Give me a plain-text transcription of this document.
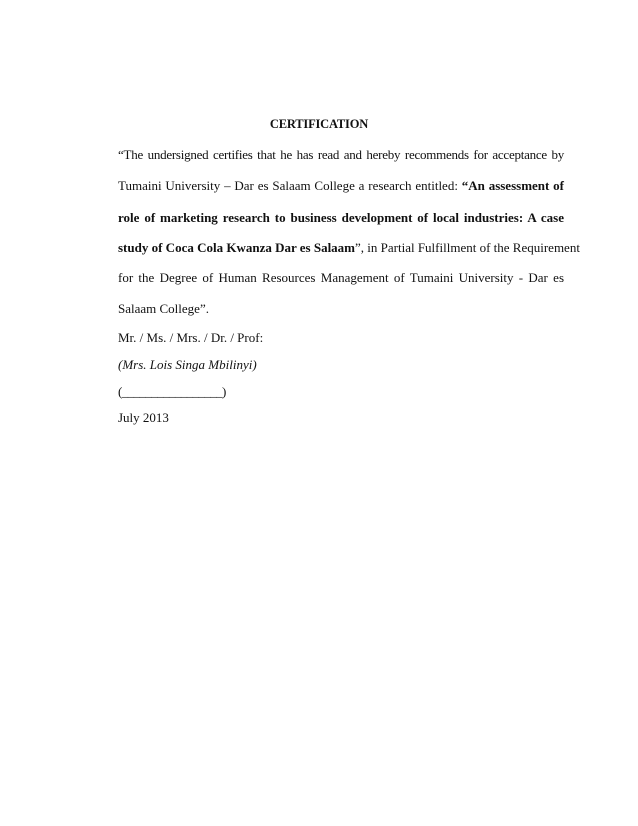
CERTIFICATION
“The undersigned certifies that he has read and hereby recommends for acceptance by
Tumaini University – Dar es Salaam College a research entitled: “An assessment of
role of marketing research to business development of local industries: A case
study of Coca Cola Kwanza Dar es Salaam”, in Partial Fulfillment of the Requirement
for the Degree of Human Resources Management of Tumaini University - Dar es
Salaam College”.
Mr. / Ms. / Mrs. / Dr. / Prof:
(Mrs. Lois Singa Mbilinyi)
(_________________)
July 2013
